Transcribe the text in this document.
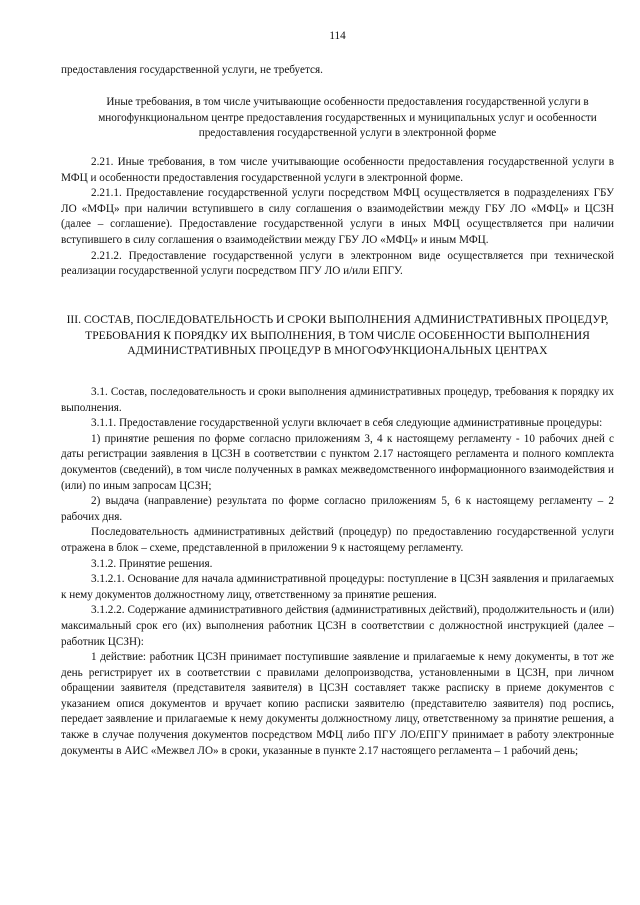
114

предоставления государственной услуги, не требуется.

Иные требования, в том числе учитывающие особенности предоставления государственной услуги в многофункциональном центре предоставления государственных и муниципальных услуг и особенности предоставления государственной услуги в электронной форме

2.21. Иные требования, в том числе учитывающие особенности предоставления государственной услуги в МФЦ и особенности предоставления государственной услуги в электронной форме.

2.21.1. Предоставление государственной услуги посредством МФЦ осуществляется в подразделениях ГБУ ЛО «МФЦ» при наличии вступившего в силу соглашения о взаимодействии между ГБУ ЛО «МФЦ» и ЦСЗН (далее – соглашение). Предоставление государственной услуги в иных МФЦ осуществляется при наличии вступившего в силу соглашения о взаимодействии между ГБУ ЛО «МФЦ» и иным МФЦ.

2.21.2. Предоставление государственной услуги в электронном виде осуществляется при технической реализации государственной услуги посредством ПГУ ЛО и/или ЕПГУ.

III. СОСТАВ, ПОСЛЕДОВАТЕЛЬНОСТЬ И СРОКИ ВЫПОЛНЕНИЯ АДМИНИСТРАТИВНЫХ ПРОЦЕДУР, ТРЕБОВАНИЯ К ПОРЯДКУ ИХ ВЫПОЛНЕНИЯ, В ТОМ ЧИСЛЕ ОСОБЕННОСТИ ВЫПОЛНЕНИЯ АДМИНИСТРАТИВНЫХ ПРОЦЕДУР В МНОГОФУНКЦИОНАЛЬНЫХ ЦЕНТРАХ

3.1. Состав, последовательность и сроки выполнения административных процедур, требования к порядку их выполнения.

3.1.1. Предоставление государственной услуги включает в себя следующие административные процедуры:

1) принятие решения по форме согласно приложениям 3, 4 к настоящему регламенту - 10 рабочих дней с даты регистрации заявления в ЦСЗН в соответствии с пунктом 2.17 настоящего регламента и полного комплекта документов (сведений), в том числе полученных в рамках межведомственного информационного взаимодействия и (или) по иным запросам ЦСЗН;

2) выдача (направление) результата по форме согласно приложениям 5, 6 к настоящему регламенту – 2 рабочих дня.

Последовательность административных действий (процедур) по предоставлению государственной услуги отражена в блок – схеме, представленной в приложении 9 к настоящему регламенту.

3.1.2. Принятие решения.

3.1.2.1. Основание для начала административной процедуры: поступление в ЦСЗН заявления и прилагаемых к нему документов должностному лицу, ответственному за принятие решения.

3.1.2.2. Содержание административного действия (административных действий), продолжительность и (или) максимальный срок его (их) выполнения работник ЦСЗН в соответствии с должностной инструкцией (далее – работник ЦСЗН):

1 действие: работник ЦСЗН принимает поступившие заявление и прилагаемые к нему документы, в тот же день регистрирует их в соответствии с правилами делопроизводства, установленными в ЦСЗН, при личном обращении заявителя (представителя заявителя) в ЦСЗН составляет также расписку в приеме документов с указанием опися документов и вручает копию расписки заявителю (представителю заявителя) под роспись, передает заявление и прилагаемые к нему документы должностному лицу, ответственному за принятие решения, а также в случае получения документов посредством МФЦ либо ПГУ ЛО/ЕПГУ принимает в работу электронные документы в АИС «Межвел ЛО» в сроки, указанные в пункте 2.17 настоящего регламента – 1 рабочий день;
